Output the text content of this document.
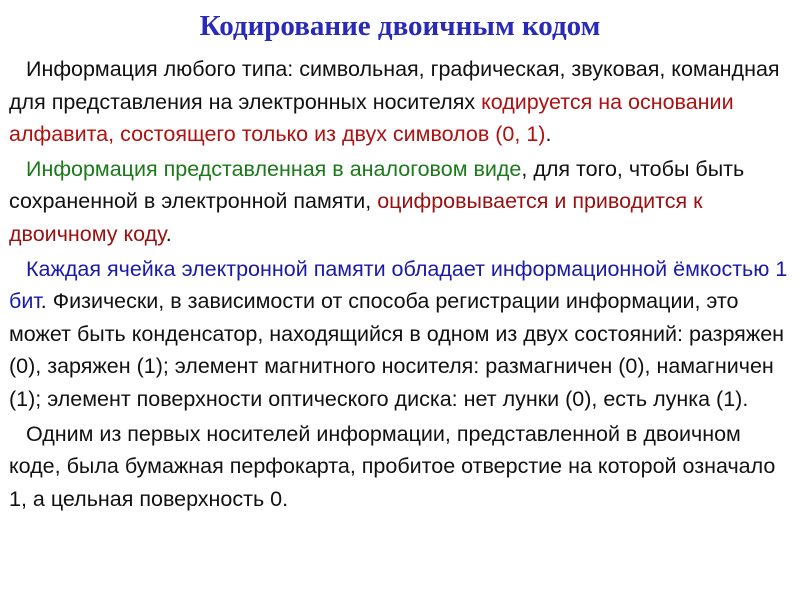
Кодирование двоичным кодом

Информация любого типа: символьная, графическая, звуковая, командная для представления на электронных носителях кодируется на основании алфавита, состоящего только из двух символов (0, 1).

Информация представленная в аналоговом виде, для того, чтобы быть сохраненной в электронной памяти, оцифровывается и приводится к двоичному коду.

Каждая ячейка электронной памяти обладает информационной ёмкостью 1 бит. Физически, в зависимости от способа регистрации информации, это может быть конденсатор, находящийся в одном из двух состояний: разряжен (0), заряжен (1); элемент магнитного носителя: размагничен (0), намагничен (1); элемент поверхности оптического диска: нет лунки (0), есть лунка (1).

Одним из первых носителей информации, представленной в двоичном коде, была бумажная перфокарта, пробитое отверстие на которой означало 1, а цельная поверхность 0.
